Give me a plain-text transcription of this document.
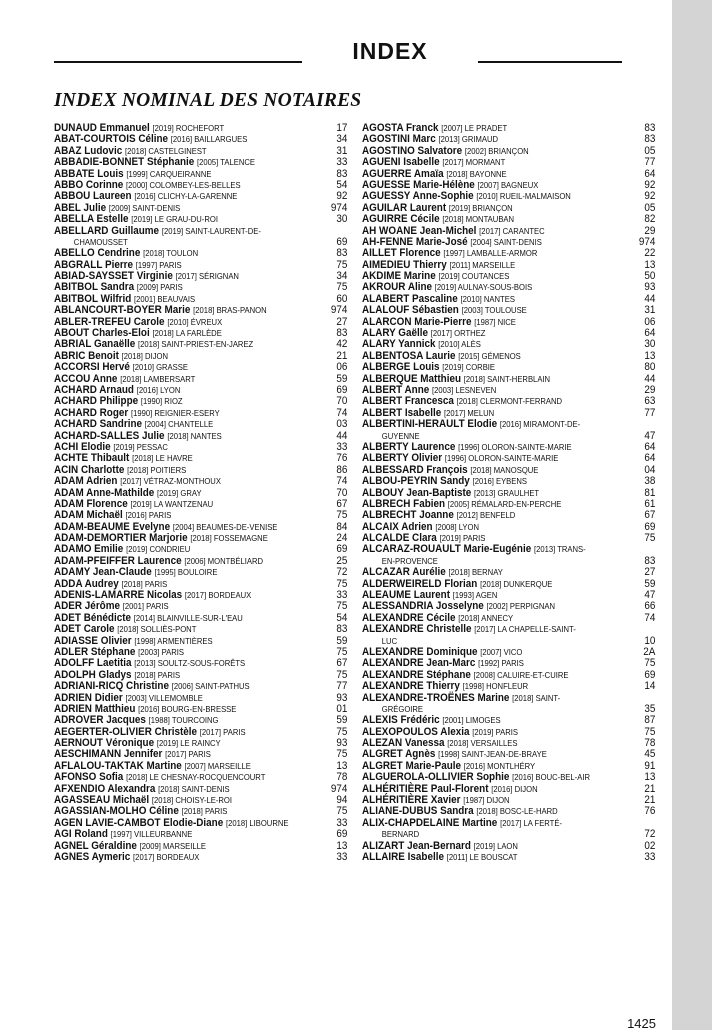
INDEX
INDEX NOMINAL DES NOTAIRES
DUNAUD Emmanuel [2019] ROCHEFORT	17
ABAT-COURTOIS Céline [2016] BAILLARGUES	34
ABAZ Ludovic [2018] CASTELGINEST	31
ABBADIE-BONNET Stéphanie [2005] TALENCE	33
ABBATE Louis [1999] CARQUEIRANNE	83
ABBO Corinne [2000] COLOMBEY-LES-BELLES	54
ABBOU Laureen [2016] CLICHY-LA-GARENNE	92
ABEL Julie [2009] SAINT-DENIS	974
ABELLA Estelle [2019] LE GRAU-DU-ROI	30
ABELLARD Guillaume [2019] SAINT-LAURENT-DE-
CHAMOUSSET	69
ABELLO Cendrine [2018] TOULON	83
ABGRALL Pierre [1997] PARIS	75
ABIAD-SAYSSET Virginie [2017] SÉRIGNAN	34
ABITBOL Sandra [2009] PARIS	75
ABITBOL Wilfrid [2001] BEAUVAIS	60
ABLANCOURT-BOYER Marie [2018] BRAS-PANON	974
ABLER-TREFEU Carole [2010] ÉVREUX	27
ABOUT Charles-Eloi [2018] LA FARLÈDE	83
ABRIAL Ganaëlle [2018] SAINT-PRIEST-EN-JAREZ	42
ABRIC Benoit [2018] DIJON	21
ACCORSI Hervé [2010] GRASSE	06
ACCOU Anne [2018] LAMBERSART	59
ACHARD Arnaud [2016] LYON	69
ACHARD Philippe [1990] RIOZ	70
ACHARD Roger [1990] REIGNIER-ESERY	74
ACHARD Sandrine [2004] CHANTELLE	03
ACHARD-SALLES Julie [2018] NANTES	44
ACHI Elodie [2019] PESSAC	33
ACHTE Thibault [2018] LE HAVRE	76
ACIN Charlotte [2018] POITIERS	86
ADAM Adrien [2017] VÉTRAZ-MONTHOUX	74
ADAM Anne-Mathilde [2019] GRAY	70
ADAM Florence [2019] LA WANTZENAU	67
ADAM Michaël [2016] PARIS	75
ADAM-BEAUME Evelyne [2004] BEAUMES-DE-VENISE	84
ADAM-DEMORTIER Marjorie [2018] FOSSEMAGNE	24
ADAMO Emilie [2019] CONDRIEU	69
ADAM-PFEIFFER Laurence [2006] MONTBÉLIARD	25
ADAMY Jean-Claude [1995] BOULOIRE	72
ADDA Audrey [2018] PARIS	75
ADENIS-LAMARRE Nicolas [2017] BORDEAUX	33
ADER Jérôme [2001] PARIS	75
ADET Bénédicte [2014] BLAINVILLE-SUR-L'EAU	54
ADET Carole [2018] SOLLIÈS-PONT	83
ADIASSE Olivier [1998] ARMENTIÈRES	59
ADLER Stéphane [2003] PARIS	75
ADOLFF Laetitia [2013] SOULTZ-SOUS-FORÊTS	67
ADOLPH Gladys [2018] PARIS	75
ADRIANI-RICQ Christine [2006] SAINT-PATHUS	77
ADRIEN Didier [2003] VILLEMOMBLE	93
ADRIEN Matthieu [2016] BOURG-EN-BRESSE	01
ADROVER Jacques [1988] TOURCOING	59
AEGERTER-OLIVIER Christèle [2017] PARIS	75
AERNOUT Véronique [2019] LE RAINCY	93
AESCHIMANN Jennifer [2017] PARIS	75
AFLALOU-TAKTAK Martine [2007] MARSEILLE	13
AFONSO Sofia [2018] LE CHESNAY-ROCQUENCOURT	78
AFXENDIO Alexandra [2018] SAINT-DENIS	974
AGASSEAU Michaël [2018] CHOISY-LE-ROI	94
AGASSIAN-MOLHO Céline [2018] PARIS	75
AGEN LAVIE-CAMBOT Elodie-Diane [2018] LIBOURNE	33
AGI Roland [1997] VILLEURBANNE	69
AGNEL Géraldine [2009] MARSEILLE	13
AGNES Aymeric [2017] BORDEAUX	33
AGOSTA Franck [2007] LE PRADET	83
AGOSTINI Marc [2013] GRIMAUD	83
AGOSTINO Salvatore [2002] BRIANÇON	05
AGUENI Isabelle [2017] MORMANT	77
AGUERRE Amaïa [2018] BAYONNE	64
AGUESSE Marie-Hélène [2007] BAGNEUX	92
AGUESSY Anne-Sophie [2010] RUEIL-MALMAISON	92
AGUILAR Laurent [2019] BRIANÇON	05
AGUIRRE Cécile [2018] MONTAUBAN	82
AH WOANE Jean-Michel [2017] CARANTEC	29
AH-FENNE Marie-José [2004] SAINT-DENIS	974
AILLET Florence [1997] LAMBALLE-ARMOR	22
AIMEDIEU Thierry [2011] MARSEILLE	13
AKDIME Marine [2019] COUTANCES	50
AKROUR Aline [2019] AULNAY-SOUS-BOIS	93
ALABERT Pascaline [2010] NANTES	44
ALALOUF Sébastien [2003] TOULOUSE	31
ALARCON Marie-Pierre [1987] NICE	06
ALARY Gaëlle [2017] ORTHEZ	64
ALARY Yannick [2010] ALÈS	30
ALBENTOSA Laurie [2015] GÉMENOS	13
ALBERGE Louis [2019] CORBIE	80
ALBERQUE Matthieu [2018] SAINT-HERBLAIN	44
ALBERT Anne [2003] LESNEVEN	29
ALBERT Francesca [2018] CLERMONT-FERRAND	63
ALBERT Isabelle [2017] MELUN	77
ALBERTINI-HERAULT Elodie [2016] MIRAMONT-DE-
GUYENNE	47
ALBERTY Laurence [1996] OLORON-SAINTE-MARIE	64
ALBERTY Olivier [1996] OLORON-SAINTE-MARIE	64
ALBESSARD François [2018] MANOSQUE	04
ALBOU-PEYRIN Sandy [2016] EYBENS	38
ALBOUY Jean-Baptiste [2013] GRAULHET	81
ALBRECH Fabien [2005] RÉMALARD-EN-PERCHE	61
ALBRECHT Joanne [2012] BENFELD	67
ALCAIX Adrien [2008] LYON	69
ALCALDE Clara [2019] PARIS	75
ALCARAZ-ROUAULT Marie-Eugénie [2013] TRANS-
EN-PROVENCE	83
ALCAZAR Aurélie [2018] BERNAY	27
ALDERWEIRELD Florian [2018] DUNKERQUE	59
ALEAUME Laurent [1993] AGEN	47
ALESSANDRIA Josselyne [2002] PERPIGNAN	66
ALEXANDRE Cécile [2018] ANNECY	74
ALEXANDRE Christelle [2017] LA CHAPELLE-SAINT-
LUC	10
ALEXANDRE Dominique [2007] VICO	2A
ALEXANDRE Jean-Marc [1992] PARIS	75
ALEXANDRE Stéphane [2008] CALUIRE-ET-CUIRE	69
ALEXANDRE Thierry [1998] HONFLEUR	14
ALEXANDRE-TROËNES Marine [2018] SAINT-
GRÉGOIRE	35
ALEXIS Frédéric [2001] LIMOGES	87
ALEXOPOULOS Alexia [2019] PARIS	75
ALEZAN Vanessa [2018] VERSAILLES	78
ALGRET Agnès [1998] SAINT-JEAN-DE-BRAYE	45
ALGRET Marie-Paule [2016] MONTLHÉRY	91
ALGUEROLA-OLLIVIER Sophie [2016] BOUC-BEL-AIR	13
ALHÉRITIÈRE Paul-Florent [2016] DIJON	21
ALHÉRITIÈRE Xavier [1987] DIJON	21
ALIANE-DUBUS Sandra [2018] BOSC-LE-HARD	76
ALIX-CHAPDELAINE Martine [2017] LA FERTÉ-
BERNARD	72
ALIZART Jean-Bernard [2019] LAON	02
ALLAIRE Isabelle [2011] LE BOUSCAT	33
1425
